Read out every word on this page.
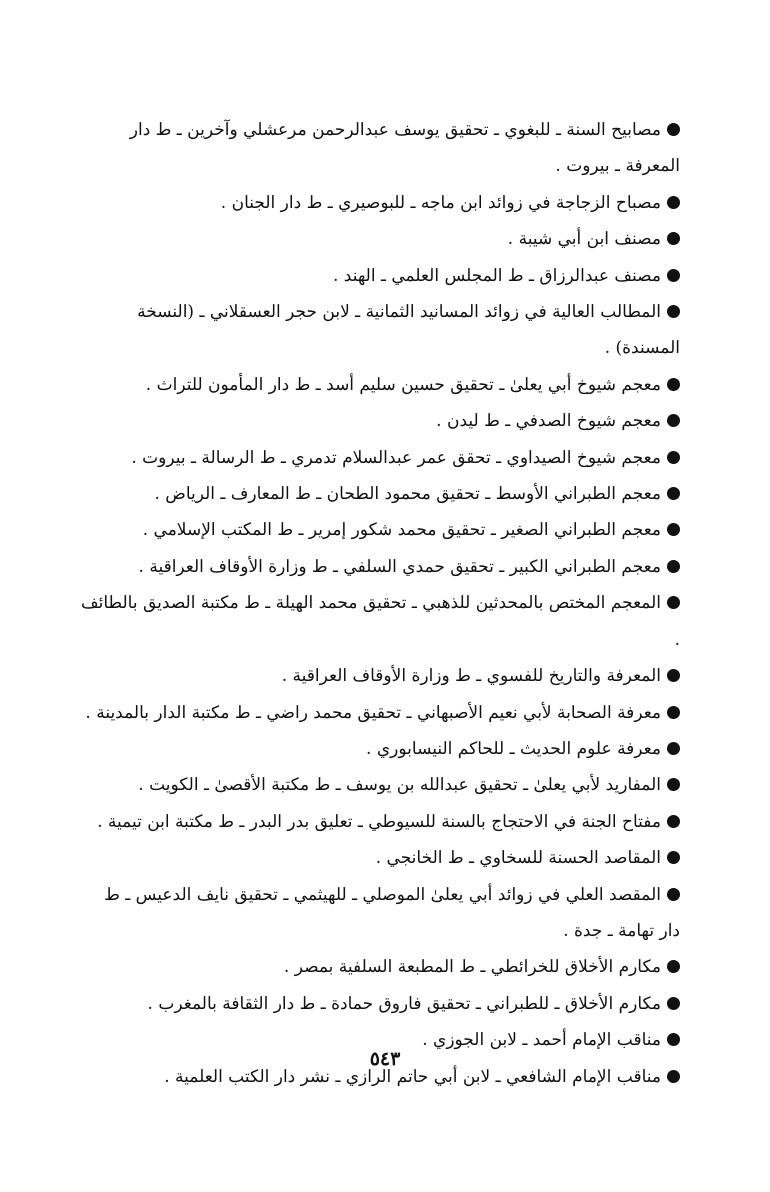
مصابيح السنة ـ للبغوي ـ تحقيق يوسف عبدالرحمن مرعشلي وآخرين ـ ط دار المعرفة ـ بيروت .
مصباح الزجاجة في زوائد ابن ماجه ـ للبوصيري ـ ط دار الجنان .
مصنف ابن أبي شيبة .
مصنف عبدالرزاق ـ ط المجلس العلمي ـ الهند .
المطالب العالية في زوائد المسانيد الثمانية ـ لابن حجر العسقلاني ـ (النسخة المسندة) .
معجم شيوخ أبي يعلىٰ ـ تحقيق حسين سليم أسد ـ ط دار المأمون للتراث .
معجم شيوخ الصدفي ـ ط ليدن .
معجم شيوخ الصيداوي ـ تحقق عمر عبدالسلام تدمري ـ ط الرسالة ـ بيروت .
معجم الطبراني الأوسط ـ تحقيق محمود الطحان ـ ط المعارف ـ الرياض .
معجم الطبراني الصغير ـ تحقيق محمد شكور إمرير ـ ط المكتب الإسلامي .
معجم الطبراني الكبير ـ تحقيق حمدي السلفي ـ ط وزارة الأوقاف العراقية .
المعجم المختص بالمحدثين للذهبي ـ تحقيق محمد الهيلة ـ ط مكتبة الصديق بالطائف .
المعرفة والتاريخ للفسوي ـ ط وزارة الأوقاف العراقية .
معرفة الصحابة لأبي نعيم الأصبهاني ـ تحقيق محمد راضي ـ ط مكتبة الدار بالمدينة .
معرفة علوم الحديث ـ للحاكم النيسابوري .
المفاريد لأبي يعلىٰ ـ تحقيق عبدالله بن يوسف ـ ط مكتبة الأقصىٰ ـ الكويت .
مفتاح الجنة في الاحتجاج بالسنة للسيوطي ـ تعليق بدر البدر ـ ط مكتبة ابن تيمية .
المقاصد الحسنة للسخاوي ـ ط الخانجي .
المقصد العلي في زوائد أبي يعلىٰ الموصلي ـ للهيثمي ـ تحقيق نايف الدعيس ـ ط دار تهامة ـ جدة .
مكارم الأخلاق للخرائطي ـ ط المطبعة السلفية بمصر .
مكارم الأخلاق ـ للطبراني ـ تحقيق فاروق حمادة ـ ط دار الثقافة بالمغرب .
مناقب الإمام أحمد ـ لابن الجوزي .
مناقب الإمام الشافعي ـ لابن أبي حاتم الرازي ـ نشر دار الكتب العلمية .
٥٤٣
